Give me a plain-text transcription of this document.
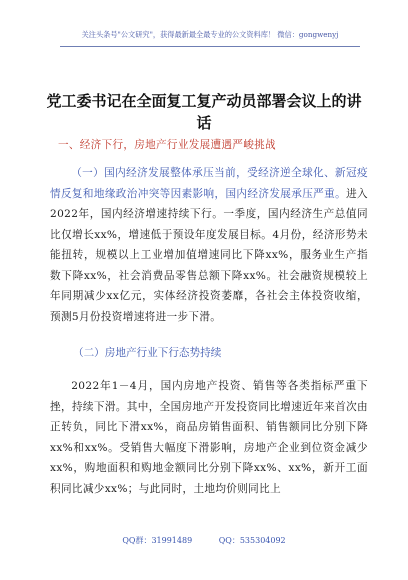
关注头条号"公文研究"，获得最新最全最专业的公文资料库！ 微信：gongwenyj
党工委书记在全面复工复产动员部署会议上的讲话
一、经济下行，房地产行业发展遭遇严峻挑战
（一）国内经济发展整体承压当前，受经济逆全球化、新冠疫情反复和地缘政治冲突等因素影响，国内经济发展承压严重。进入2022年，国内经济增速持续下行。一季度，国内经济生产总值同比仅增长xx%，增速低于预设年度发展目标。4月份，经济形势未能扭转，规模以上工业增加值增速同比下降xx%，服务业生产指数下降xx%，社会消费品零售总额下降xx%。社会融资规模较上年同期减少xx亿元，实体经济投资萎靡，各社会主体投资收缩，预测5月份投资增速将进一步下滑。
（二）房地产行业下行态势持续
2022年1－4月，国内房地产投资、销售等各类指标严重下挫，持续下滑。其中，全国房地产开发投资同比增速近年来首次由正转负，同比下滑xx%，商品房销售面积、销售额同比分别下降xx%和xx%。受销售大幅度下滑影响，房地产企业到位资金减少xx%，购地面积和购地金额同比分别下降xx%、xx%，新开工面积同比减少xx%；与此同时，土地均价则同比上
QQ群：31991489	QQ：535304092
